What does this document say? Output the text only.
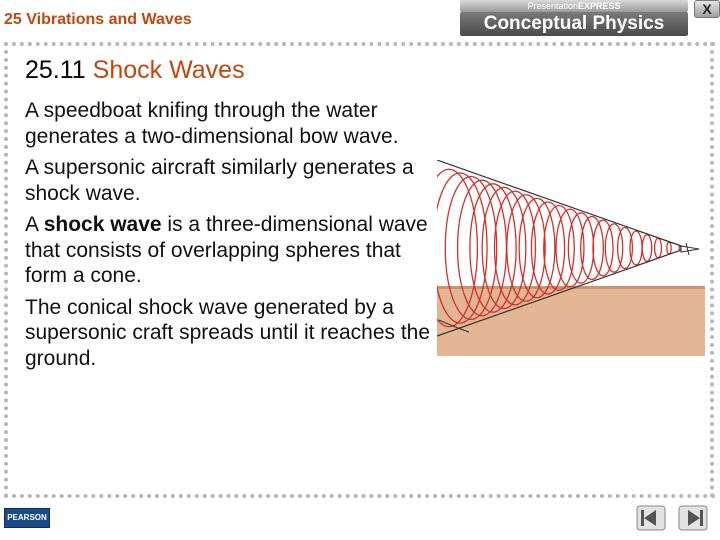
25 Vibrations and Waves
PresentationEXPRESS
Conceptual Physics
X
25.11 Shock Waves

A speedboat knifing through the water generates a two-dimensional bow wave.

A supersonic aircraft similarly generates a shock wave.

A shock wave is a three-dimensional wave that consists of overlapping spheres that form a cone.

The conical shock wave generated by a supersonic craft spreads until it reaches the ground.

PEARSON
